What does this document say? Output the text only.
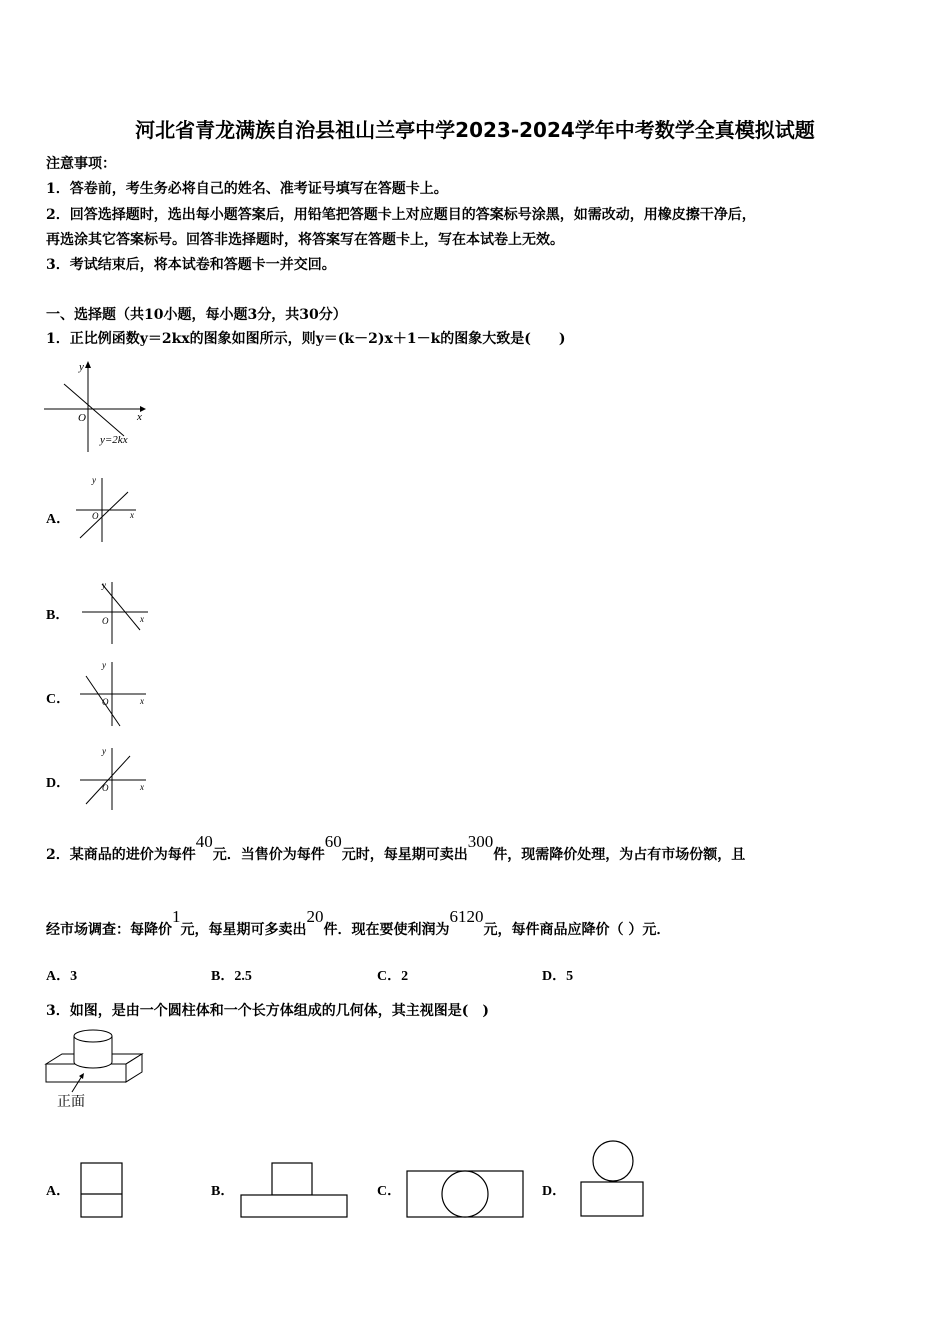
河北省青龙满族自治县祖山兰亭中学2023-2024学年中考数学全真模拟试题
注意事项：
1．答卷前，考生务必将自己的姓名、准考证号填写在答题卡上。
2．回答选择题时，选出每小题答案后，用铅笔把答题卡上对应题目的答案标号涂黑，如需改动，用橡皮擦干净后，
再选涂其它答案标号。回答非选择题时，将答案写在答题卡上，写在本试卷上无效。
3．考试结束后，将本试卷和答题卡一并交回。
一、选择题（共10小题，每小题3分，共30分）
1．正比例函数y＝2kx的图象如图所示，则y＝(k－2)x＋1－k的图象大致是(　　)
y
x
O
y=2kx
A．
y
x
O
B．
y
x
O
C．
y
x
O
D．
y
x
O
2．某商品的进价为每件40元．当售价为每件60元时，每星期可卖出300件，现需降价处理，为占有市场份额，且
经市场调查：每降价1元，每星期可多卖出20件．现在要使利润为6120元，每件商品应降价（ ）元．
A．3	B．2.5	C．2	D．5
3．如图，是由一个圆柱体和一个长方体组成的几何体，其主视图是(　)
正面
A．	B．	C．	D．
